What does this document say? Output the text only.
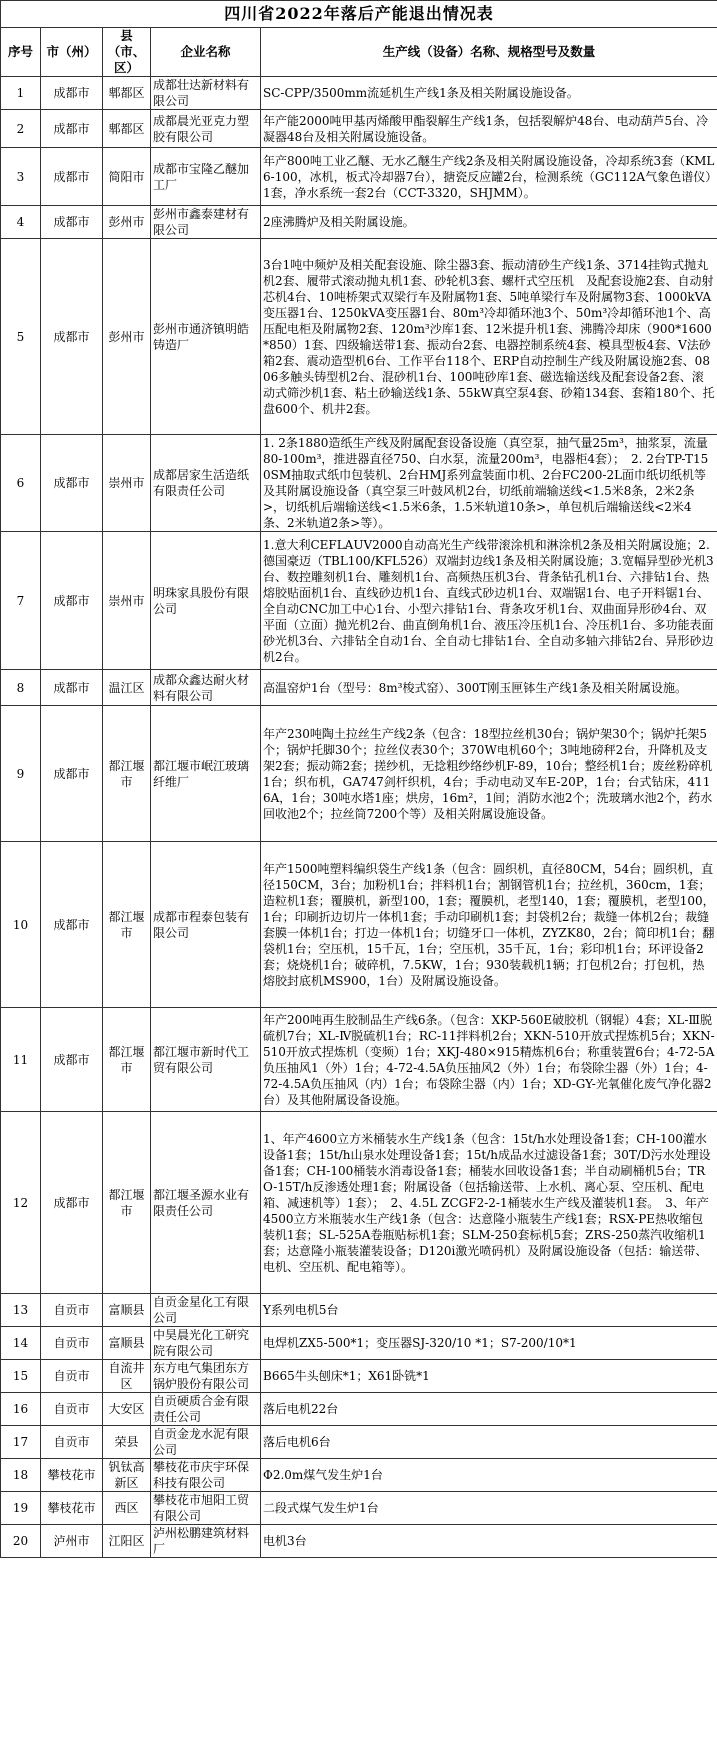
四川省2022年落后产能退出情况表				
序号	市（州）	县（市、区）	企业名称	生产线（设备）名称、规格型号及数量
1	成都市	郫都区	成都壮达新材料有限公司	SC-CPP/3500mm流延机生产线1条及相关附属设施设备。
2	成都市	郫都区	成都晨光亚克力塑胶有限公司	年产能2000吨甲基丙烯酸甲酯裂解生产线1条，包括裂解炉48台、电动葫芦5台、冷凝器48台及相关附属设施设备。
3	成都市	简阳市	成都市宝隆乙醚加工厂	年产800吨工业乙醚、无水乙醚生产线2条及相关附属设施设备，冷却系统3套（KML6-100，冰机，板式冷却器7台），搪瓷反应罐2台，检测系统（GC112A气象色谱仪）1套，净水系统一套2台（CCT-3320，SHJMM）。
4	成都市	彭州市	彭州市鑫泰建材有限公司	2座沸腾炉及相关附属设施。
5	成都市	彭州市	彭州市通济镇明皓铸造厂	3台1吨中频炉及相关配套设施、除尘器3套、振动清砂生产线1条、3714挂钩式抛丸机2套、履带式滚动抛丸机1套、砂轮机3套、螺杆式空压机　及配套设施2套、自动射芯机4台、10吨桥架式双梁行车及附属物1套、5吨单梁行车及附属物3套、1000kVA变压器1台、1250kVA变压器1台、80m³冷却循环池3个、50m³冷却循环池1个、高压配电柜及附属物2套、120m³沙库1套、12米提升机1套、沸腾冷却床（900*1600*850）1套、四级输送带1套、振动台2套、电器控制系统4套、模具型板4套、V法砂箱2套、震动造型机6台、工作平台118个、ERP自动控制生产线及附属设施2套、0806多触头铸型机2台、混砂机1台、100吨砂库1套、磁选输送线及配套设备2套、滚动式筛沙机1套、粘土砂输送线1条、55kW真空泵4套、砂箱134套、套箱180个、托盘600个、机井2套。
6	成都市	崇州市	成都居家生活造纸有限责任公司	1. 2条1880造纸生产线及附属配套设备设施（真空泵，抽气量25m³，抽浆泵，流量80-100m³，推进器直径750、白水泵，流量200m³，电器柜4套）；　2. 2台TP-T150SM抽取式纸巾包装机、2台HMJ系列盒装面巾机、2台FC200-2L面巾纸切纸机等及其附属设施设备（真空泵三叶鼓风机2台，切纸前端输送线<1.5米8条，2米2条>，切纸机后端输送线<1.5米6条，1.5米轨道10条>，单包机后端输送线<2米4条、2米轨道2条>等）。
7	成都市	崇州市	明珠家具股份有限公司	1.意大利CEFLAUV2000自动高光生产线带滚涂机和淋涂机2条及相关附属设施；2.德国豪迈（TBL100/KFL526）双端封边线1条及相关附属设施；3.宽幅异型砂光机3台、数控雕刻机1台、雕刻机1台、高频热压机3台、背条钻孔机1台、六排钻1台、热熔胶贴面机1台、直线砂边机1台、直线式砂边机1台、双端锯1台、电子开料锯1台、全自动CNC加工中心1台、小型六排钻1台、背条攻牙机1台、双曲面异形砂4台、双平面（立面）抛光机2台、曲直倒角机1台、液压冷压机1台、冷压机1台、多功能表面砂光机3台、六排钻全自动1台、全自动七排钻1台、全自动多轴六排钻2台、异形砂边机2台。
8	成都市	温江区	成都众鑫达耐火材料有限公司	高温窑炉1台（型号：8m³梭式窑）、300T刚玉匣钵生产线1条及相关附属设施。
9	成都市	都江堰市	都江堰市岷江玻璃纤维厂	年产230吨陶土拉丝生产线2条（包含：18型拉丝机30台；锅炉架30个；锅炉托架5个；锅炉托脚30个；拉丝仪表30个；370W电机60个；3吨地磅秤2台，升降机及支架2套；振动筛2套；搓纱机，无捻粗纱络纱机F-89，10台；整经机1台；废丝粉碎机1台；织布机，GA747剑杆织机，4台；手动电动叉车E-20P，1台；台式钻床，4116A，1台；30吨水塔1座；烘房，16m²，1间；消防水池2个；洗玻璃水池2个，药水回收池2个；拉丝筒7200个等）及相关附属设施设备。
10	成都市	都江堰市	成都市程泰包装有限公司	年产1500吨塑料编织袋生产线1条（包含：圆织机，直径80CM，54台；圆织机，直径150CM，3台；加粉机1台；拌料机1台；割钢管机1台；拉丝机，360cm，1套；造粒机1套；覆膜机，新型100，1套；覆膜机，老型140，1套；覆膜机，老型100，1台；印刷折边切片一体机1套；手动印刷机1套；封袋机2台；裁缝一体机2台；裁缝套膜一体机1台；打边一体机1台；切缝牙口一体机，ZYZK80，2台；简印机1台；翻袋机1台；空压机，15千瓦，1台；空压机，35千瓦，1台；彩印机1台；环评设备2套；烧烧机1台；破碎机，7.5KW，1台；930装载机1辆；打包机2台；打包机，热熔胶封底机MS900，1台）及附属设施设备。
11	成都市	都江堰市	都江堰市新时代工贸有限公司	年产200吨再生胶制品生产线6条。（包含：XKP-560E破胶机（钢辊）4套；XL-Ⅲ脱硫机7台；XL-Ⅳ脱硫机1台；RC-11拌料机2台；XKN-510开放式捏炼机5台；XKN-510开放式捏炼机（变频）1台；XKJ-480×915精炼机6台；称重装置6台；4-72-5A负压抽风1（外）1台；4-72-4.5A负压抽风2（外）1台；布袋除尘器（外）1台；4-72-4.5A负压抽风（内）1台；布袋除尘器（内）1台；XD-GY-光氧催化废气净化器2台）及其他附属设备设施。
12	成都市	都江堰市	都江堰圣源水业有限责任公司	1、年产4600立方米桶装水生产线1条（包含：15t/h水处理设备1套；CH-100灌水设备1套；15t/h山泉水处理设备1套；15t/h成品水过滤设备1套；30T/D污水处理设备1套；CH-100桶装水消毒设备1套；桶装水回收设备1套；半自动刷桶机5台；TRO-15T/h反渗透处理1套；附属设备（包括输送带、上水机、离心泵、空压机、配电箱、减速机等）1套）；　2、4.5L ZCGF2-2-1桶装水生产线及灌装机1套。　3、年产4500立方米瓶装水生产线1条（包含：达意隆小瓶装生产线1套；RSX-PE热收缩包装机1套；SL-525A卷瓶贴标机1套；SLM-250套标机5套；ZRS-250蒸汽收缩机1套；达意隆小瓶装灌装设备；D120i激光喷码机）及附属设施设备（包括：输送带、电机、空压机、配电箱等）。
13	自贡市	富顺县	自贡金星化工有限公司	Y系列电机5台
14	自贡市	富顺县	中昊晨光化工研究院有限公司	电焊机ZX5-500*1；变压器SJ-320/10 *1；S7-200/10*1
15	自贡市	自流井区	东方电气集团东方锅炉股份有限公司	B665牛头刨床*1；X61卧铣*1
16	自贡市	大安区	自贡硬质合金有限责任公司	落后电机22台
17	自贡市	荣县	自贡金龙水泥有限公司	落后电机6台
18	攀枝花市	钒钛高新区	攀枝花市庆宇环保科技有限公司	Φ2.0m煤气发生炉1台
19	攀枝花市	西区	攀枝花市旭阳工贸有限公司	二段式煤气发生炉1台
20	泸州市	江阳区	泸州松鹏建筑材料厂	电机3台
